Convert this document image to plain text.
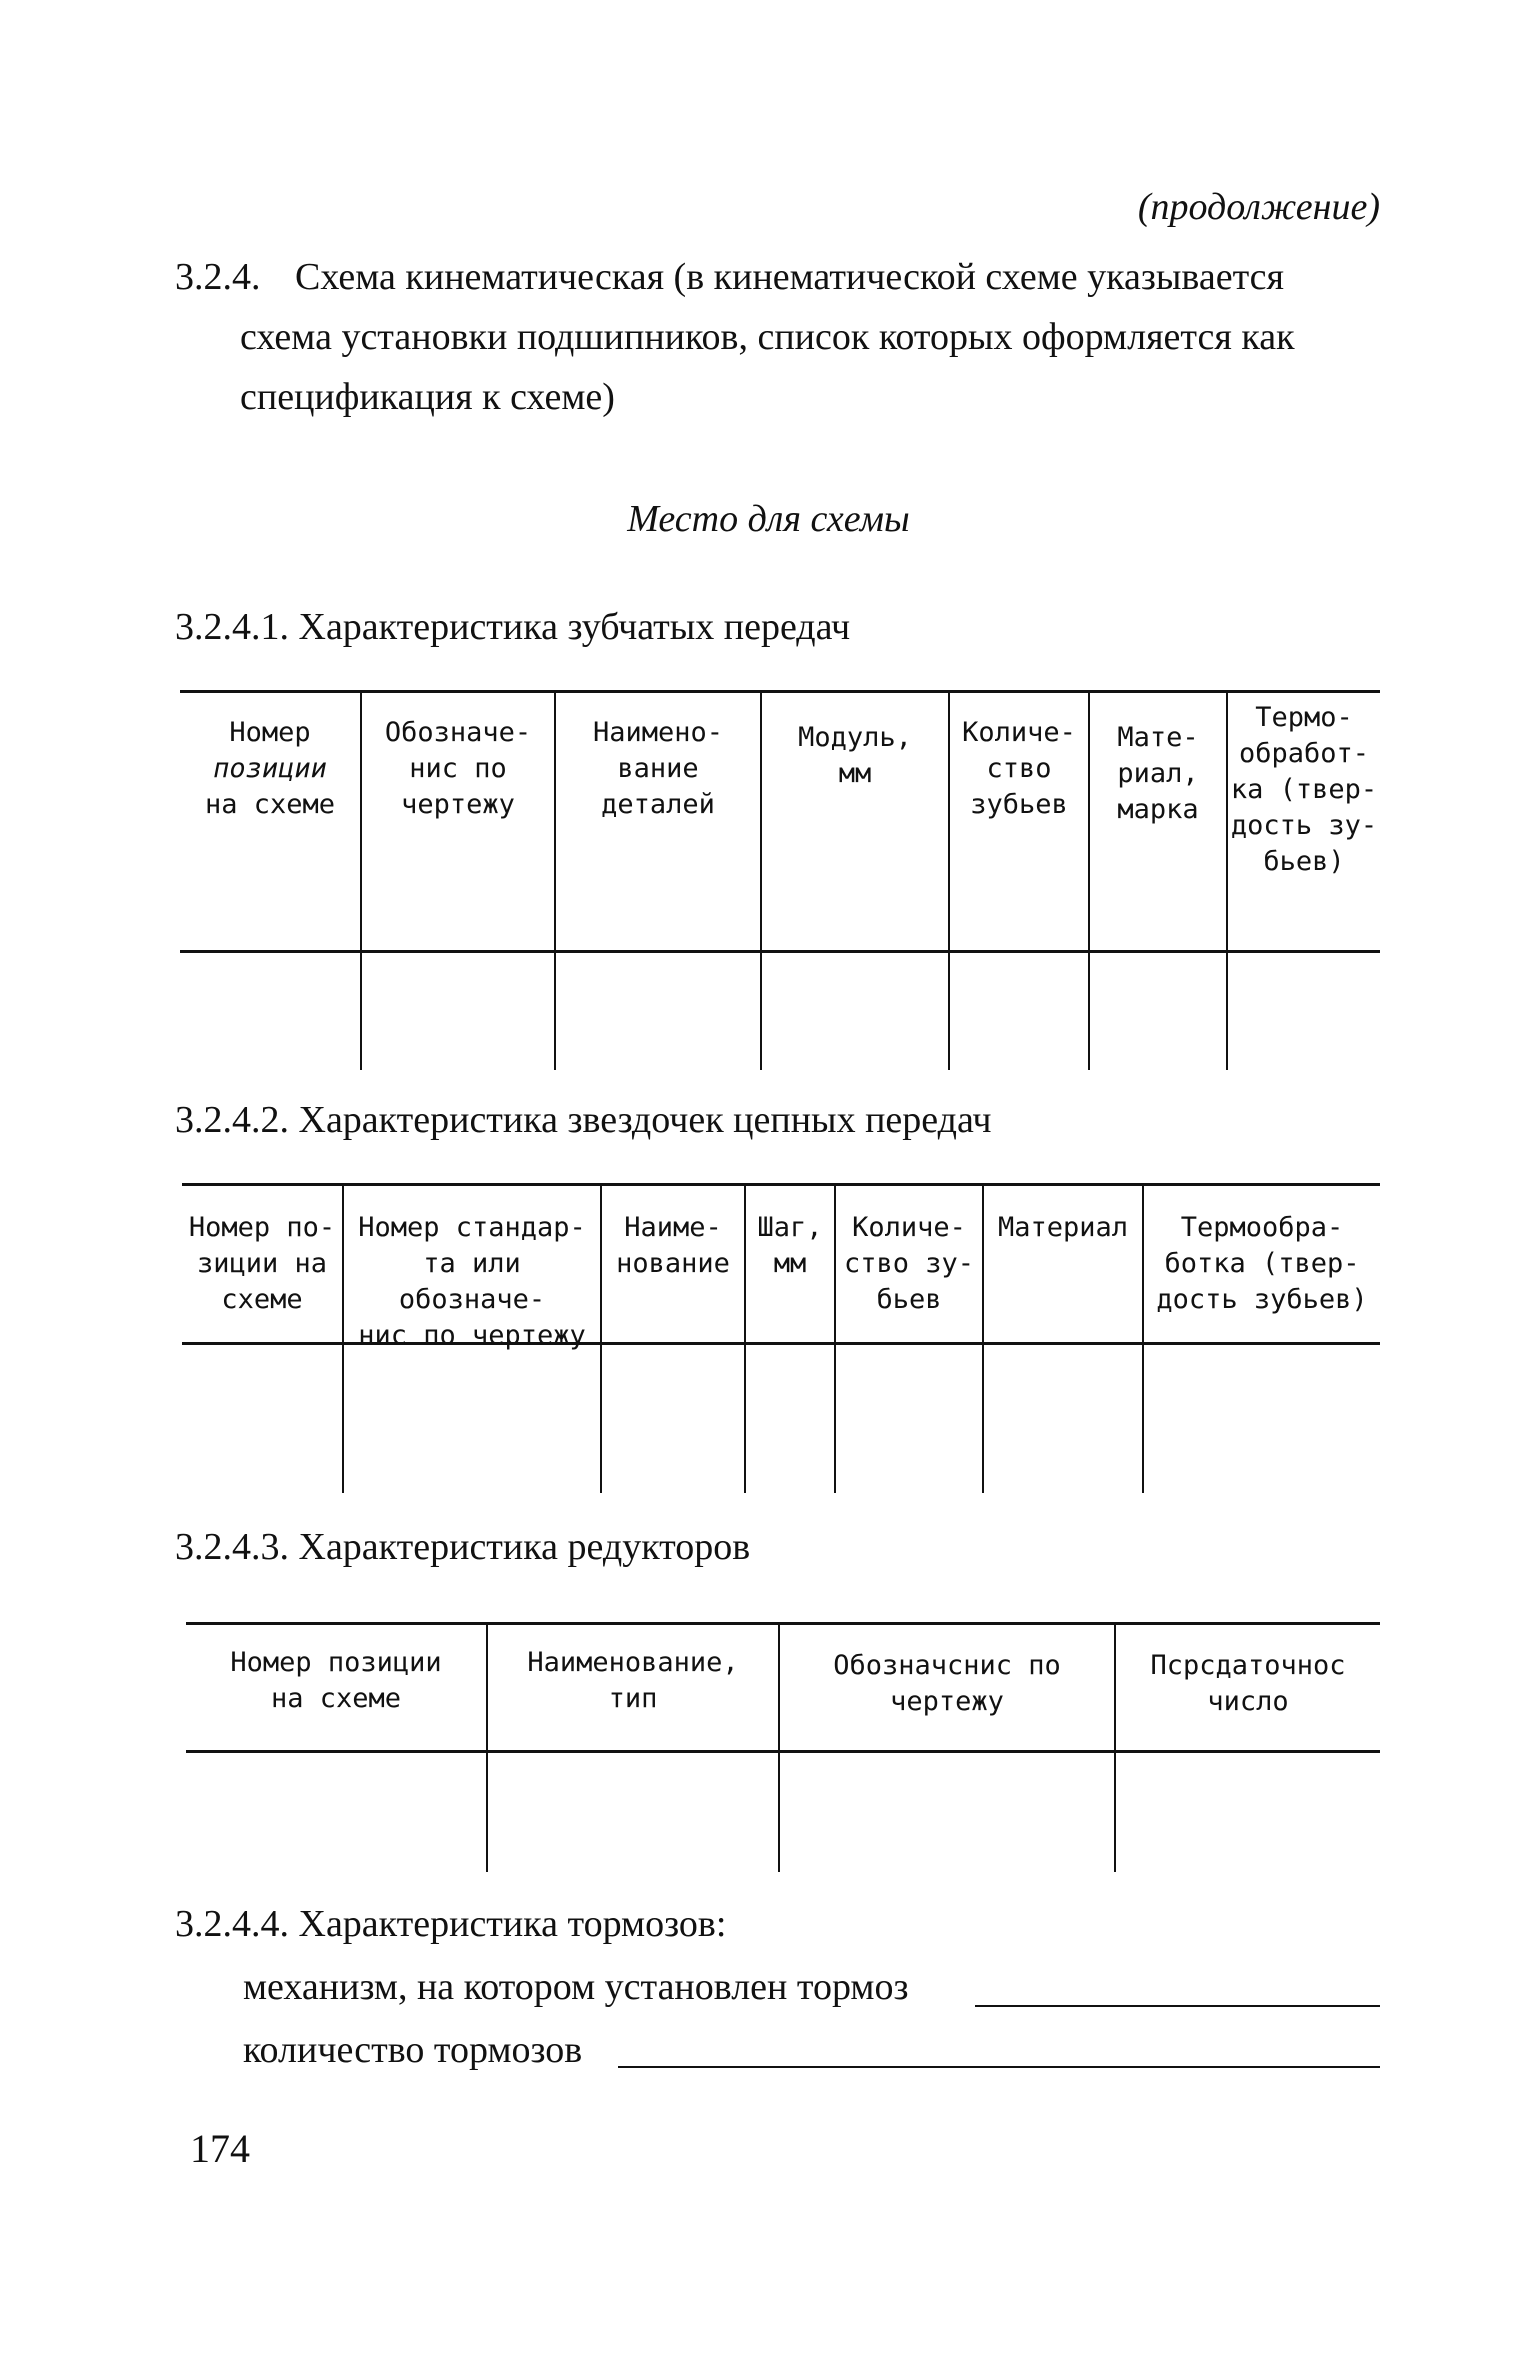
(продолжение)
3.2.4. Схема кинематическая (в кинематической схеме указывается
схема установки подшипников, список которых оформляется как
спецификация к схеме)
Место для схемы
3.2.4.1. Характеристика зубчатых передач
Номер
позиции
на схеме
Обозначе-
нис по
чертежу
Наимено-
вание
деталей
Модуль,
мм
Количе-
ство
зубьев
Мате-
риал,
марка
Термо-
обработ-
ка (твер-
дость зу-
бьев)
3.2.4.2. Характеристика звездочек цепных передач
Номер по-
зиции на
схеме
Номер стандар-
та или обозначе-
нис по чертежу
Наиме-
нование
Шаг,
мм
Количе-
ство зу-
бьев
Материал	Термообра-
ботка (твер-
дость зубьев)
3.2.4.3. Характеристика редукторов
Номер позиции
на схеме
Наименование,
тип
Обозначснис по
чертежу
Псрсдаточнос
число
3.2.4.4. Характеристика тормозов:
механизм, на котором установлен тормоз
количество тормозов
174
